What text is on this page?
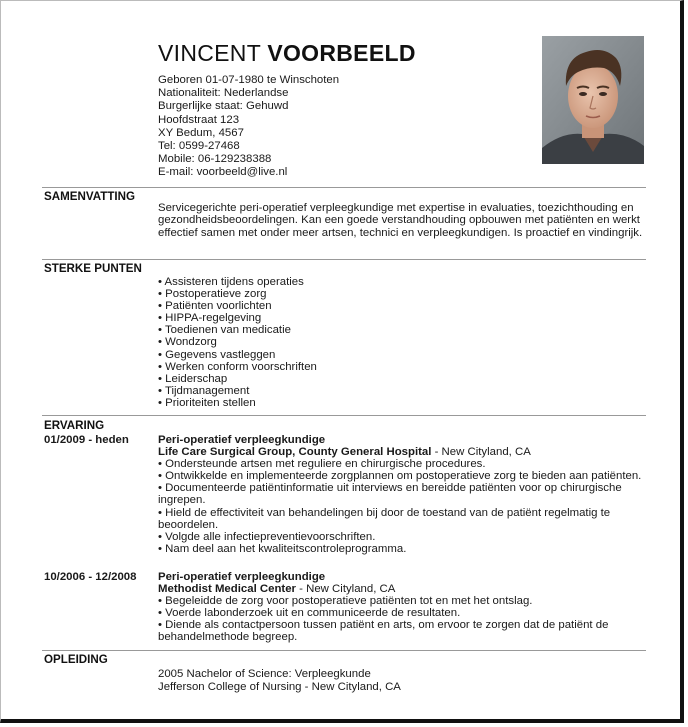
VINCENT VOORBEELD
Geboren 01-07-1980 te Winschoten
Nationaliteit: Nederlandse
Burgerlijke staat: Gehuwd
Hoofdstraat 123
XY Bedum, 4567
Tel: 0599-27468
Mobile: 06-129238388
E-mail: voorbeeld@live.nl
SAMENVATTING
Servicegerichte peri-operatief verpleegkundige met expertise in evaluaties, toezichthouding en gezondheidsbeoordelingen. Kan een goede verstandhouding opbouwen met patiënten en werkt effectief samen met onder meer artsen, technici en verpleegkundigen. Is proactief en vindingrijk.
STERKE PUNTEN
• Assisteren tijdens operaties
• Postoperatieve zorg
• Patiënten voorlichten
• HIPPA-regelgeving
• Toedienen van medicatie
• Wondzorg
• Gegevens vastleggen
• Werken conform voorschriften
• Leiderschap
• Tijdmanagement
• Prioriteiten stellen
ERVARING
01/2009 - heden	Peri-operatief verpleegkundige
Life Care Surgical Group, County General Hospital - New Cityland, CA
• Ondersteunde artsen met reguliere en chirurgische procedures.
• Ontwikkelde en implementeerde zorgplannen om postoperatieve zorg te bieden aan patiënten.
• Documenteerde patiëntinformatie uit interviews en bereidde patiënten voor op chirurgische ingrepen.
• Hield de effectiviteit van behandelingen bij door de toestand van de patiënt regelmatig te beoordelen.
• Volgde alle infectiepreventievoorschriften.
• Nam deel aan het kwaliteitscontroleprogramma.
10/2006 - 12/2008 Peri-operatief verpleegkundige
Methodist Medical Center - New Cityland, CA
• Begeleidde de zorg voor postoperatieve patiënten tot en met het ontslag.
• Voerde labonderzoek uit en communiceerde de resultaten.
• Diende als contactpersoon tussen patiënt en arts, om ervoor te zorgen dat de patiënt de behandelmethode begreep.
OPLEIDING
2005 Nachelor of Science: Verpleegkunde
Jefferson College of Nursing - New Cityland, CA
